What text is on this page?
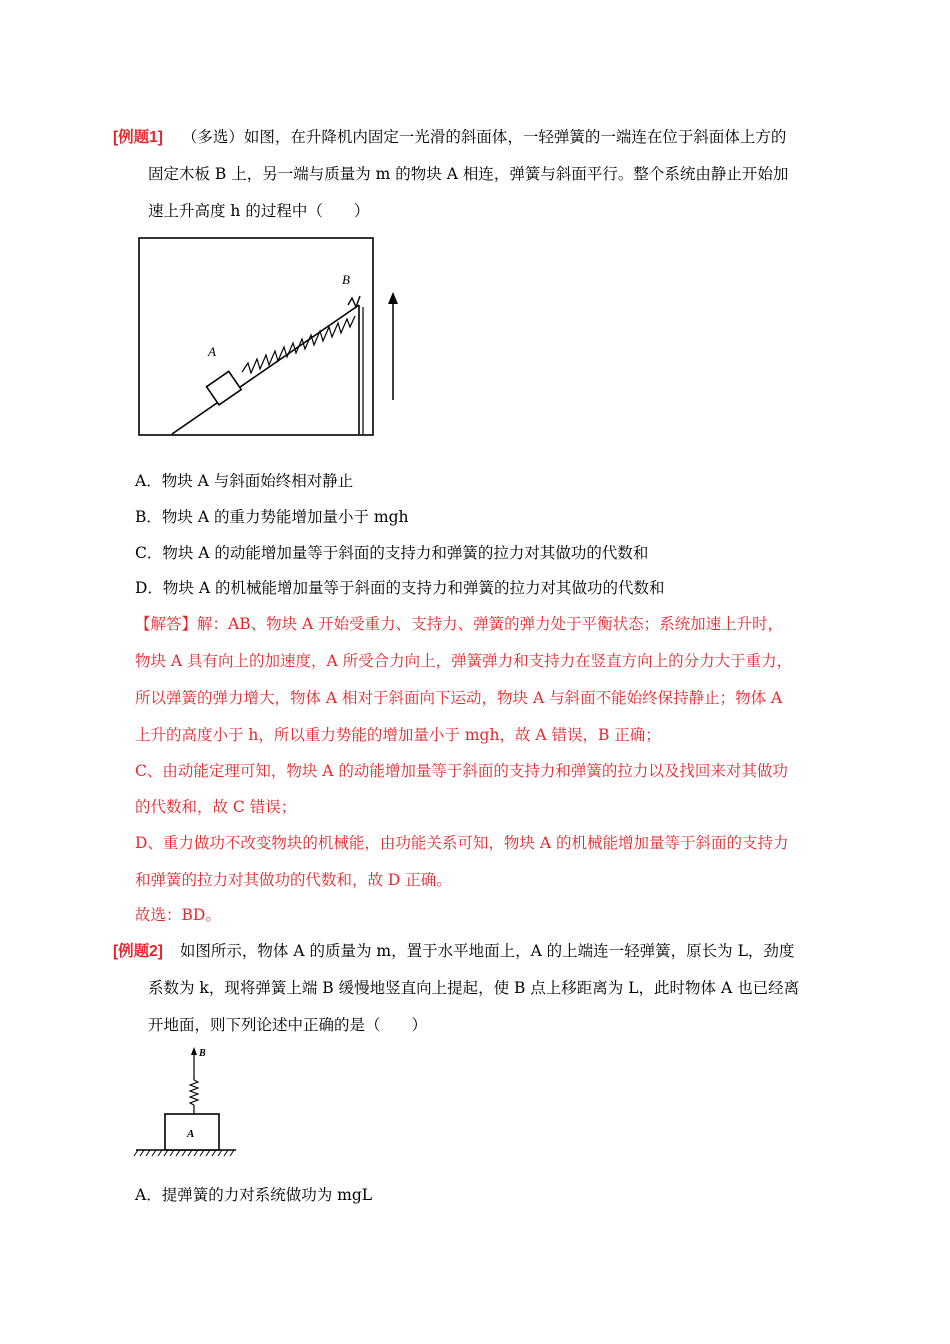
[例题1] （多选）如图，在升降机内固定一光滑的斜面体，一轻弹簧的一端连在位于斜面体上方的
固定木板 B 上，另一端与质量为 m 的物块 A 相连，弹簧与斜面平行。整个系统由静止开始加
速上升高度 h 的过程中（　　）
A
B
A．物块 A 与斜面始终相对静止
B．物块 A 的重力势能增加量小于 mgh
C．物块 A 的动能增加量等于斜面的支持力和弹簧的拉力对其做功的代数和
D．物块 A 的机械能增加量等于斜面的支持力和弹簧的拉力对其做功的代数和
【解答】解：AB、物块 A 开始受重力、支持力、弹簧的弹力处于平衡状态；系统加速上升时，
物块 A 具有向上的加速度，A 所受合力向上，弹簧弹力和支持力在竖直方向上的分力大于重力，
所以弹簧的弹力增大，物体 A 相对于斜面向下运动，物块 A 与斜面不能始终保持静止；物体 A
上升的高度小于 h，所以重力势能的增加量小于 mgh，故 A 错误，B 正确；
C、由动能定理可知，物块 A 的动能增加量等于斜面的支持力和弹簧的拉力以及找回来对其做功
的代数和，故 C 错误；
D、重力做功不改变物块的机械能，由功能关系可知，物块 A 的机械能增加量等于斜面的支持力
和弹簧的拉力对其做功的代数和，故 D 正确。
故选：BD。
[例题2] 如图所示，物体 A 的质量为 m，置于水平地面上，A 的上端连一轻弹簧，原长为 L，劲度
系数为 k，现将弹簧上端 B 缓慢地竖直向上提起，使 B 点上移距离为 L，此时物体 A 也已经离
开地面，则下列论述中正确的是（　　）
A
B
A．提弹簧的力对系统做功为 mgL
